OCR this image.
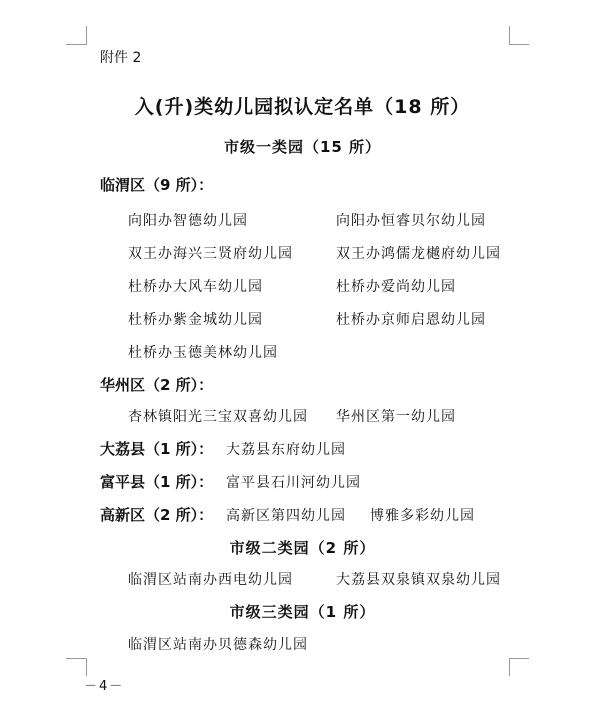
附件 2
入(升)类幼儿园拟认定名单（18 所）
市级一类园（15 所）
临渭区（9 所）：
向阳办智德幼儿园	向阳办恒睿贝尔幼儿园
双王办海兴三贤府幼儿园	双王办鸿儒龙樾府幼儿园
杜桥办大风车幼儿园	杜桥办爱尚幼儿园
杜桥办紫金城幼儿园	杜桥办京师启恩幼儿园
杜桥办玉德美林幼儿园
华州区（2 所）：
杏林镇阳光三宝双喜幼儿园 华州区第一幼儿园
大荔县（1 所）： 大荔县东府幼儿园
富平县（1 所）： 富平县石川河幼儿园
高新区（2 所）： 高新区第四幼儿园 博雅多彩幼儿园
市级二类园（2 所）
临渭区站南办西电幼儿园	大荔县双泉镇双泉幼儿园
市级三类园（1 所）
临渭区站南办贝德森幼儿园
－4－
